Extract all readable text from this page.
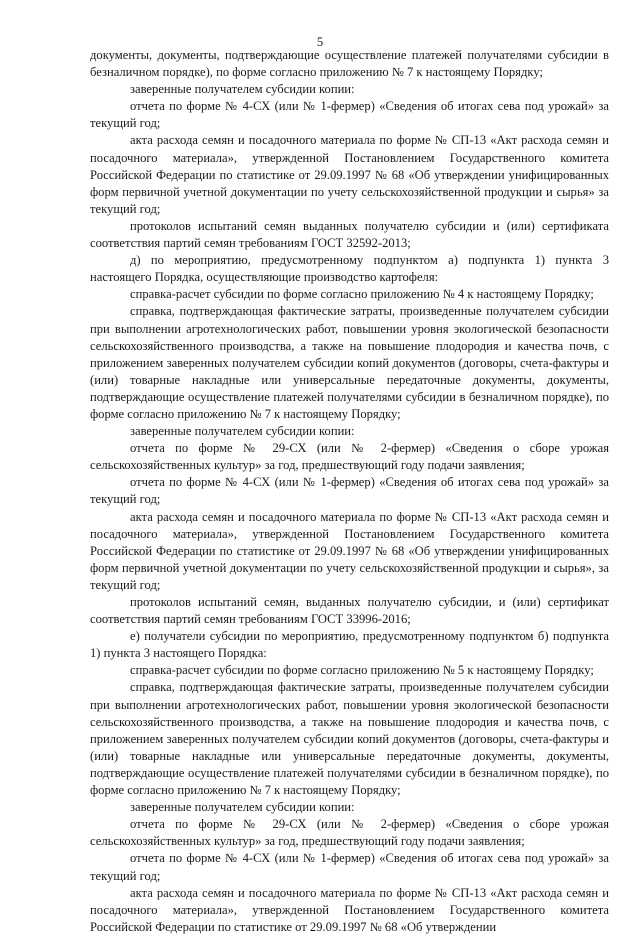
5

документы, документы, подтверждающие осуществление платежей получателями субсидии в безналичном порядке), по форме согласно приложению № 7 к настоящему Порядку;

заверенные получателем субсидии копии:

отчета по форме № 4-СХ (или № 1-фермер) «Сведения об итогах сева под урожай» за текущий год;

акта расхода семян и посадочного материала по форме № СП-13 «Акт расхода семян и посадочного материала», утвержденной Постановлением Государственного комитета Российской Федерации по статистике от 29.09.1997 № 68 «Об утверждении унифицированных форм первичной учетной документации по учету сельскохозяйственной продукции и сырья» за текущий год;

протоколов испытаний семян выданных получателю субсидии и (или) сертификата соответствия партий семян требованиям ГОСТ 32592-2013;

д) по мероприятию, предусмотренному подпунктом а) подпункта 1) пункта 3 настоящего Порядка, осуществляющие производство картофеля:

справка-расчет субсидии по форме согласно приложению № 4 к настоящему Порядку;

справка, подтверждающая фактические затраты, произведенные получателем субсидии при выполнении агротехнологических работ, повышении уровня экологической безопасности сельскохозяйственного производства, а также на повышение плодородия и качества почв, с приложением заверенных получателем субсидии копий документов (договоры, счета-фактуры и (или) товарные накладные или универсальные передаточные документы, документы, подтверждающие осуществление платежей получателями субсидии в безналичном порядке), по форме согласно приложению № 7 к настоящему Порядку;

заверенные получателем субсидии копии:

отчета по форме № 29-СХ (или № 2-фермер) «Сведения о сборе урожая сельскохозяйственных культур» за год, предшествующий году подачи заявления;

отчета по форме № 4-СХ (или № 1-фермер) «Сведения об итогах сева под урожай» за текущий год;

акта расхода семян и посадочного материала по форме № СП-13 «Акт расхода семян и посадочного материала», утвержденной Постановлением Государственного комитета Российской Федерации по статистике от 29.09.1997 № 68 «Об утверждении унифицированных форм первичной учетной документации по учету сельскохозяйственной продукции и сырья», за текущий год;

протоколов испытаний семян, выданных получателю субсидии, и (или) сертификат соответствия партий семян требованиям ГОСТ 33996-2016;

е) получатели субсидии по мероприятию, предусмотренному подпунктом б) подпункта 1) пункта 3 настоящего Порядка:

справка-расчет субсидии по форме согласно приложению № 5 к настоящему Порядку;

справка, подтверждающая фактические затраты, произведенные получателем субсидии при выполнении агротехнологических работ, повышении уровня экологической безопасности сельскохозяйственного производства, а также на повышение плодородия и качества почв, с приложением заверенных получателем субсидии копий документов (договоры, счета-фактуры и (или) товарные накладные или универсальные передаточные документы, документы, подтверждающие осуществление платежей получателями субсидии в безналичном порядке), по форме согласно приложению № 7 к настоящему Порядку;

заверенные получателем субсидии копии:

отчета по форме № 29-СХ (или № 2-фермер) «Сведения о сборе урожая сельскохозяйственных культур» за год, предшествующий году подачи заявления;

отчета по форме № 4-СХ (или № 1-фермер) «Сведения об итогах сева под урожай» за текущий год;

акта расхода семян и посадочного материала по форме № СП-13 «Акт расхода семян и посадочного материала», утвержденной Постановлением Государственного комитета Российской Федерации по статистике от 29.09.1997 № 68 «Об утверждении
